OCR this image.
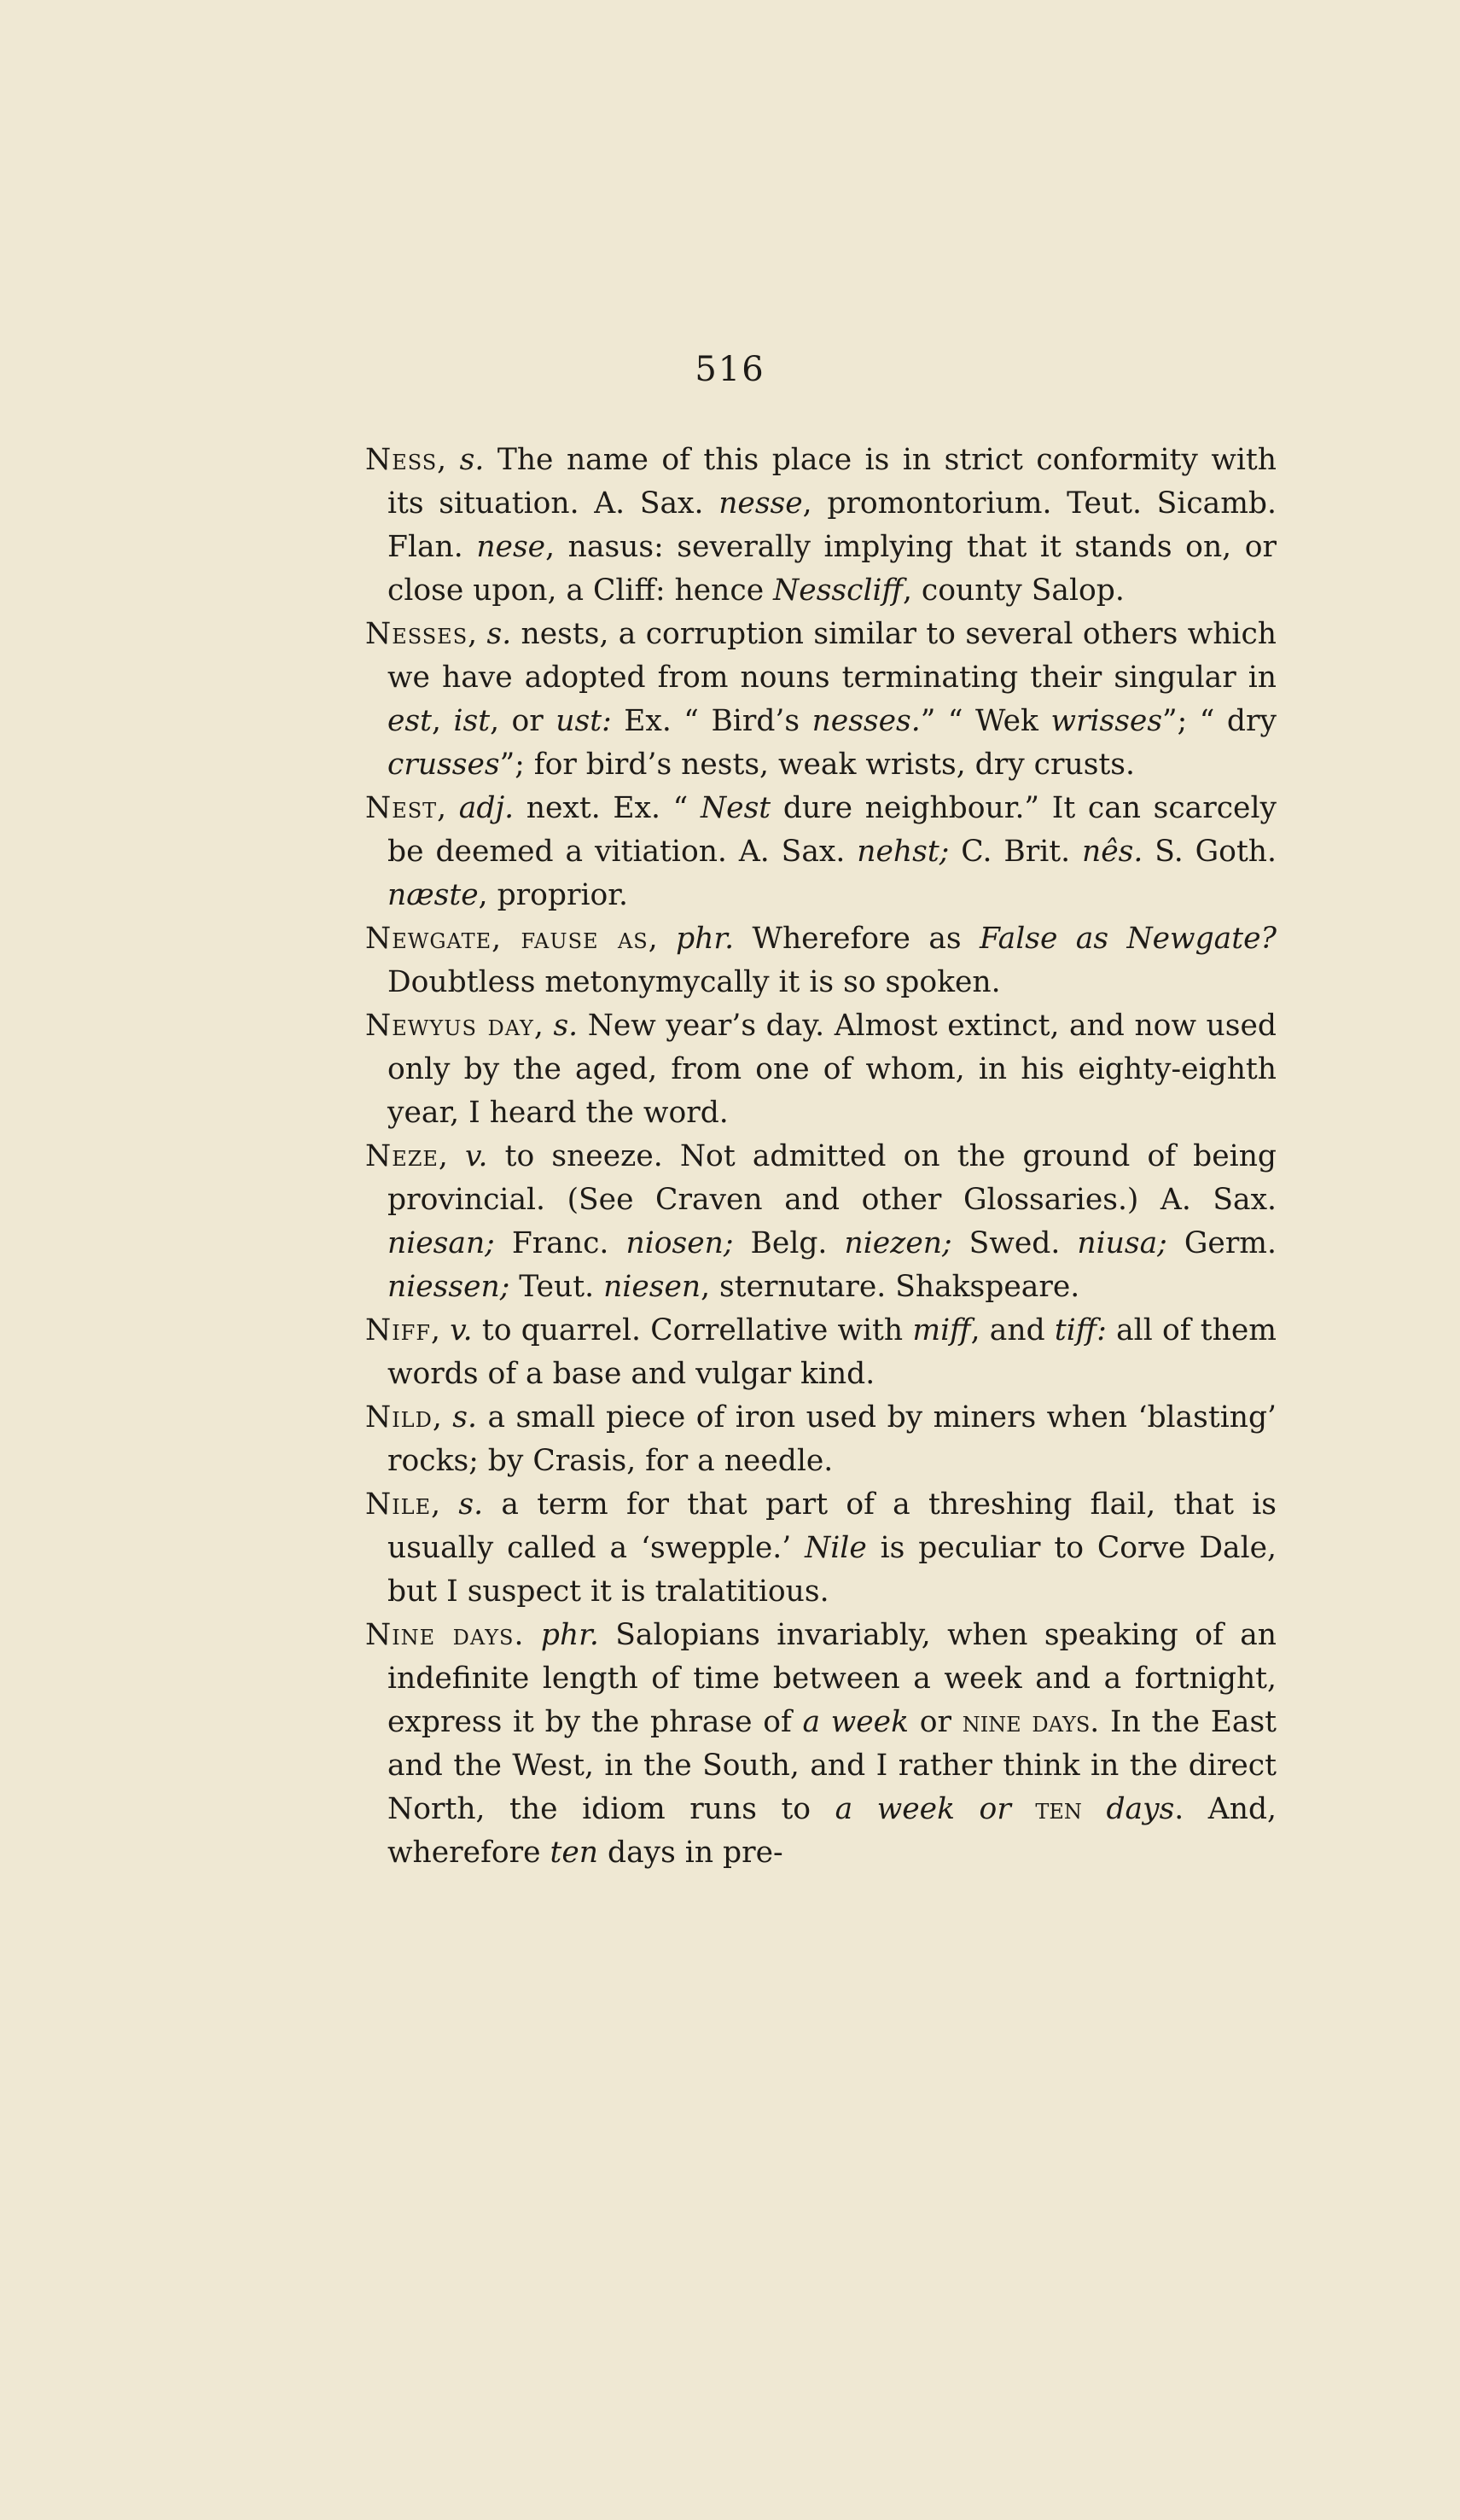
516

Ness, s. The name of this place is in strict conformity with its situation. A. Sax. nesse, promontorium. Teut. Sicamb. Flan. nese, nasus: severally implying that it stands on, or close upon, a Cliff: hence Nesscliff, county Salop.

Nesses, s. nests, a corruption similar to several others which we have adopted from nouns terminating their singular in est, ist, or ust: Ex. “ Bird’s nesses.” “ Wek wrisses”; “ dry crusses”; for bird’s nests, weak wrists, dry crusts.

Nest, adj. next. Ex. “ Nest dure neighbour.” It can scarcely be deemed a vitiation. A. Sax. nehst; C. Brit. nês. S. Goth. næste, proprior.

Newgate, fause as, phr. Wherefore as False as Newgate? Doubtless metonymycally it is so spoken.

Newyus day, s. New year’s day. Almost extinct, and now used only by the aged, from one of whom, in his eighty-eighth year, I heard the word.

Neze, v. to sneeze. Not admitted on the ground of being provincial. (See Craven and other Glossaries.) A. Sax. niesan; Franc. niosen; Belg. niezen; Swed. niusa; Germ. niessen; Teut. niesen, sternutare. Shakspeare.

Niff, v. to quarrel. Correllative with miff, and tiff: all of them words of a base and vulgar kind.

Nild, s. a small piece of iron used by miners when ‘blasting’ rocks; by Crasis, for a needle.

Nile, s. a term for that part of a threshing flail, that is usually called a ‘swepple.’ Nile is peculiar to Corve Dale, but I suspect it is tralatitious.

Nine days. phr. Salopians invariably, when speaking of an indefinite length of time between a week and a fortnight, express it by the phrase of a week or nine days. In the East and the West, in the South, and I rather think in the direct North, the idiom runs to a week or ten days. And, wherefore ten days in pre-
